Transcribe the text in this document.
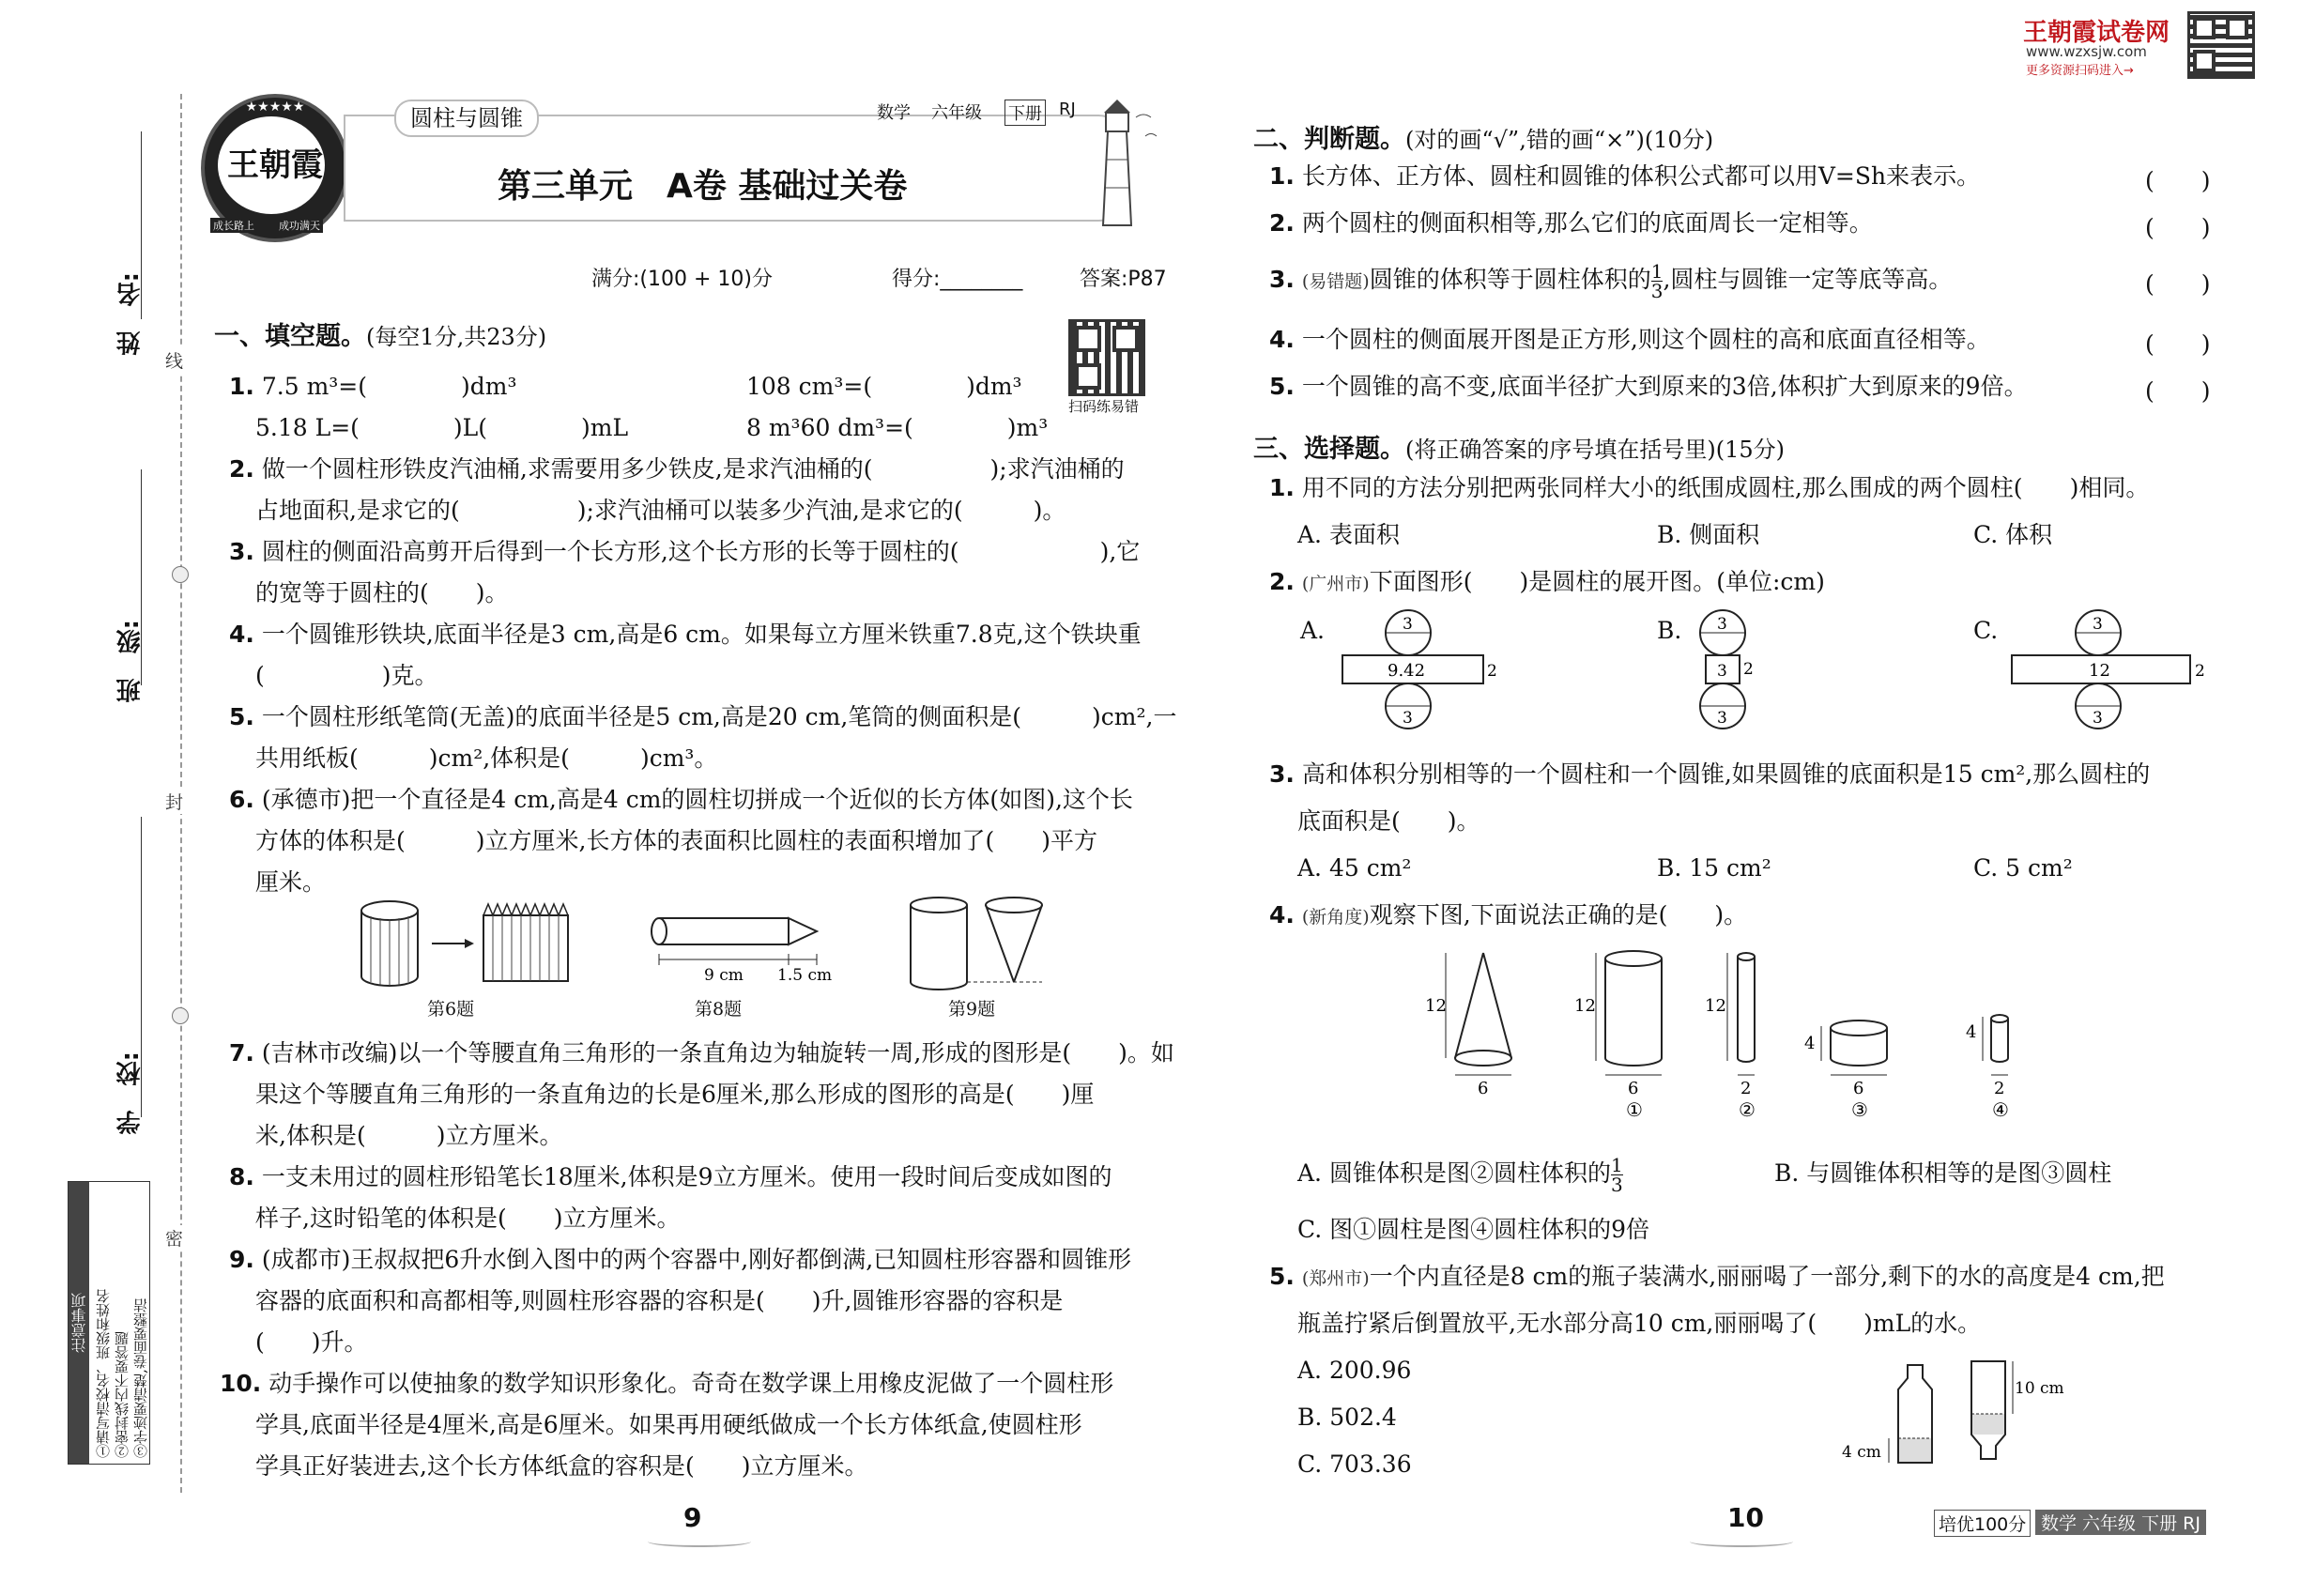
姓　名:
班　级:
学　校:
线
封
密
注意事项 ①请写清校名、班级和姓名 ②密封线内不要答题 ③字迹要清楚,卷面要整洁
王朝霞
★★★★★
成长路上 成功满天
圆柱与圆锥	数学 六年级 下册 RJ
第三单元　A卷 基础过关卷
满分:(100 + 10)分	得分:________	答案:P87
扫码练易错
一、填空题。(每空1分,共23分)
1. 7.5 m³=(　　　　)dm³	108 cm³=(　　　　)dm³
5.18 L=(　　　　)L(　　　　)mL	8 m³60 dm³=(　　　　)m³
2. 做一个圆柱形铁皮汽油桶,求需要用多少铁皮,是求汽油桶的(　　　　　);求汽油桶的
占地面积,是求它的(　　　　　);求汽油桶可以装多少汽油,是求它的(　　　)。
3. 圆柱的侧面沿高剪开后得到一个长方形,这个长方形的长等于圆柱的(　　　　　　),它
的宽等于圆柱的(　　)。
4. 一个圆锥形铁块,底面半径是3 cm,高是6 cm。如果每立方厘米铁重7.8克,这个铁块重
(　　　　　)克。
5. 一个圆柱形纸笔筒(无盖)的底面半径是5 cm,高是20 cm,笔筒的侧面积是(　　　)cm²,一
共用纸板(　　　)cm²,体积是(　　　)cm³。
6. (承德市)把一个直径是4 cm,高是4 cm的圆柱切拼成一个近似的长方体(如图),这个长
方体的体积是(　　　)立方厘米,长方体的表面积比圆柱的表面积增加了(　　)平方
厘米。
7. (吉林市改编)以一个等腰直角三角形的一条直角边为轴旋转一周,形成的图形是(　　)。如
果这个等腰直角三角形的一条直角边的长是6厘米,那么形成的图形的高是(　　)厘
米,体积是(　　　)立方厘米。
8. 一支未用过的圆柱形铅笔长18厘米,体积是9立方厘米。使用一段时间后变成如图的
样子,这时铅笔的体积是(　　)立方厘米。
9. (成都市)王叔叔把6升水倒入图中的两个容器中,刚好都倒满,已知圆柱形容器和圆锥形
容器的底面积和高都相等,则圆柱形容器的容积是(　　)升,圆锥形容器的容积是
(　　)升。
10. 动手操作可以使抽象的数学知识形象化。奇奇在数学课上用橡皮泥做了一个圆柱形
学具,底面半径是4厘米,高是6厘米。如果再用硬纸做成一个长方体纸盒,使圆柱形
学具正好装进去,这个长方体纸盒的容积是(　　)立方厘米。
第6题
9 cm 1.5 cm
第8题	第9题
王朝霞试卷网
www.wzxsjw.com
更多资源扫码进入→
二、判断题。(对的画“√”,错的画“×”)(10分)
1. 长方体、正方体、圆柱和圆锥的体积公式都可以用V=Sh来表示。	(　　)
2. 两个圆柱的侧面积相等,那么它们的底面周长一定相等。	(　　)
3. (易错题)圆锥的体积等于圆柱体积的 $\frac{1}{3}$ ,圆柱与圆锥一定等底等高。	(　　)
4. 一个圆柱的侧面展开图是正方形,则这个圆柱的高和底面直径相等。	(　　)
5. 一个圆锥的高不变,底面半径扩大到原来的3倍,体积扩大到原来的9倍。	(　　)
三、选择题。(将正确答案的序号填在括号里)(15分)
1. 用不同的方法分别把两张同样大小的纸围成圆柱,那么围成的两个圆柱(　　)相同。
A. 表面积	B. 侧面积	C. 体积
2. (广州市)下面图形(　　)是圆柱的展开图。(单位:cm)
A.	3
9.42	2
3
B. 3
3 2
3
C.	3
12	2
3
3. 高和体积分别相等的一个圆柱和一个圆锥,如果圆锥的底面积是15 cm²,那么圆柱的
底面积是(　　)。
A. 45 cm²	B. 15 cm²	C. 5 cm²
4. (新角度)观察下图,下面说法正确的是(　　)。
12
6
12
6
①
12
2
②
4
6
③
4
2
④
A. 圆锥体积是图②圆柱体积的 $\frac{1}{3}$	B. 与圆锥体积相等的是图③圆柱
C. 图①圆柱是图④圆柱体积的9倍
5. (郑州市)一个内直径是8 cm的瓶子装满水,丽丽喝了一部分,剩下的水的高度是4 cm,把
瓶盖拧紧后倒置放平,无水部分高10 cm,丽丽喝了(　　)mL的水。
A. 200.96
B. 502.4
C. 703.36	4 cm
10 cm
9	10	培优100分 数学 六年级 下册 RJ
